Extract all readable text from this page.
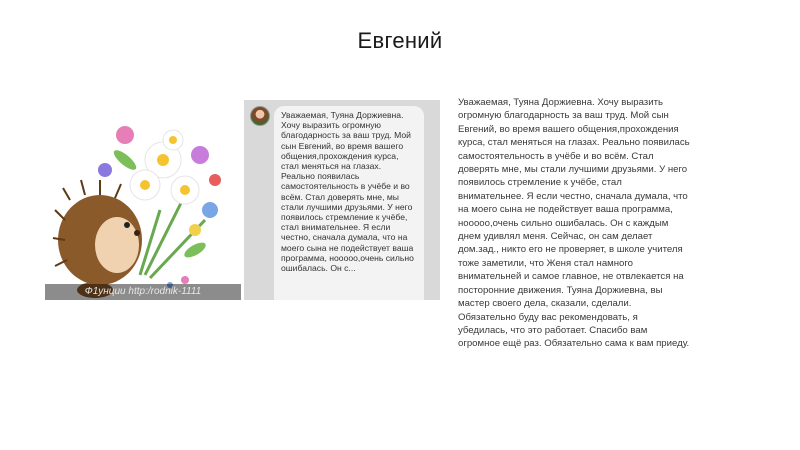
Евгений
Ф1унции http:/rodnik-1111
Уважаемая, Туяна Доржиевна. Хочу выразить огромную благодарность за ваш труд. Мой сын Евгений, во время вашего общения,прохождения курса, стал меняться на глазах. Реально появилась самостоятельность в учёбе и во всём. Стал доверять мне, мы стали лучшими друзьями. У него появилось стремление к учёбе, стал внимательнее. Я если честно, сначала думала, что на моего сына не подействует ваша программа, нооооо,очень сильно ошибалась. Он с...
Уважаемая, Туяна Доржиевна. Хочу выразить огромную благодарность за ваш труд. Мой сын Евгений, во время вашего общения,прохождения курса, стал меняться на глазах. Реально появилась самостоятельность в учёбе и во всём. Стал доверять мне, мы стали лучшими друзьями. У него появилось стремление к учёбе, стал внимательнее. Я если честно, сначала думала, что на моего сына не подействует ваша программа, нооооо,очень сильно ошибалась. Он с каждым днем удивлял меня. Сейчас, он сам делает дом.зад., никто его не проверяет, в школе учителя тоже заметили, что Женя стал намного внимательней и самое главное, не отвлекается на посторонние движения. Туяна Доржиевна, вы мастер своего дела, сказали, сделали. Обязательно буду вас рекомендовать, я убедилась, что это работает. Спасибо вам огромное ещё раз. Обязательно сама к вам приеду.
